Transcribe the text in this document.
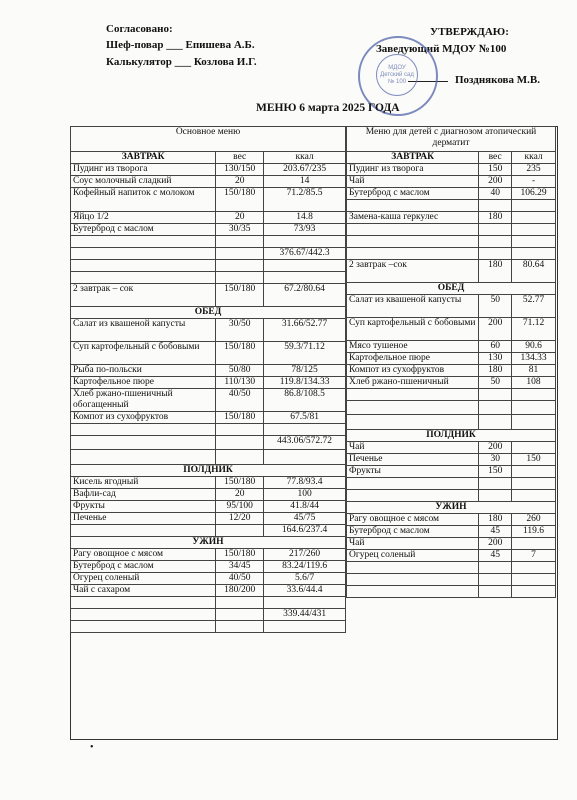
Согласовано:
Шеф-повар ___ Епишева А.Б.
Калькулятор ___ Козлова И.Г.
УТВЕРЖДАЮ:
Заведующий МДОУ №100
Позднякова М.В.
МДОУ Детский сад № 100
МЕНЮ 6 марта 2025 ГОДА
Основное меню		
ЗАВТРАК	вес	ккал
Пудинг из творога	130/150	203.67/235
Соус молочный сладкий	20	14
Кофейный напиток с молоком	150/180	71.2/85.5
Яйцо 1/2	20	14.8
Бутерброд с маслом	30/35	73/93

		376.67/442.3

2 завтрак – сок	150/180	67.2/80.64
ОБЕД		
Салат из квашеной капусты	30/50	31.66/52.77
Суп картофельный с бобовыми	150/180	59.3/71.12
Рыба по-польски	50/80	78/125
Картофельное пюре	110/130	119.8/134.33
Хлеб ржано-пшеничный обогащенный	40/50	86.8/108.5
Компот из сухофруктов	150/180	67.5/81

		443.06/572.72

ПОЛДНИК		
Кисель ягодный	150/180	77.8/93.4
Вафли-сад	20	100
Фрукты	95/100	41.8/44
Печенье	12/20	45/75
		164.6/237.4
УЖИН		
Рагу овощное с мясом	150/180	217/260
Бутерброд с маслом	34/45	83.24/119.6
Огурец соленый	40/50	5.6/7
Чай с сахаром	180/200	33.6/44.4

		339.44/431

Меню для детей с диагнозом атопический дерматит		
ЗАВТРАК	вес	ккал
Пудинг из творога	150	235
Чай	200	-
Бутерброд с маслом	40	106.29

Замена-каша геркулес	180	

2 завтрак –сок	180	80.64
ОБЕД		
Салат из квашеной капусты	50	52.77
Суп картофельный с бобовыми	200	71.12
Мясо тушеное	60	90.6
Картофельное пюре	130	134.33
Компот из сухофруктов	180	81
Хлеб ржано-пшеничный	50	108

ПОЛДНИК		
Чай	200	
Печенье	30	150
Фрукты	150	

УЖИН		
Рагу овощное с мясом	180	260
Бутерброд с маслом	45	119.6
Чай	200	
Огурец соленый	45	7

•
